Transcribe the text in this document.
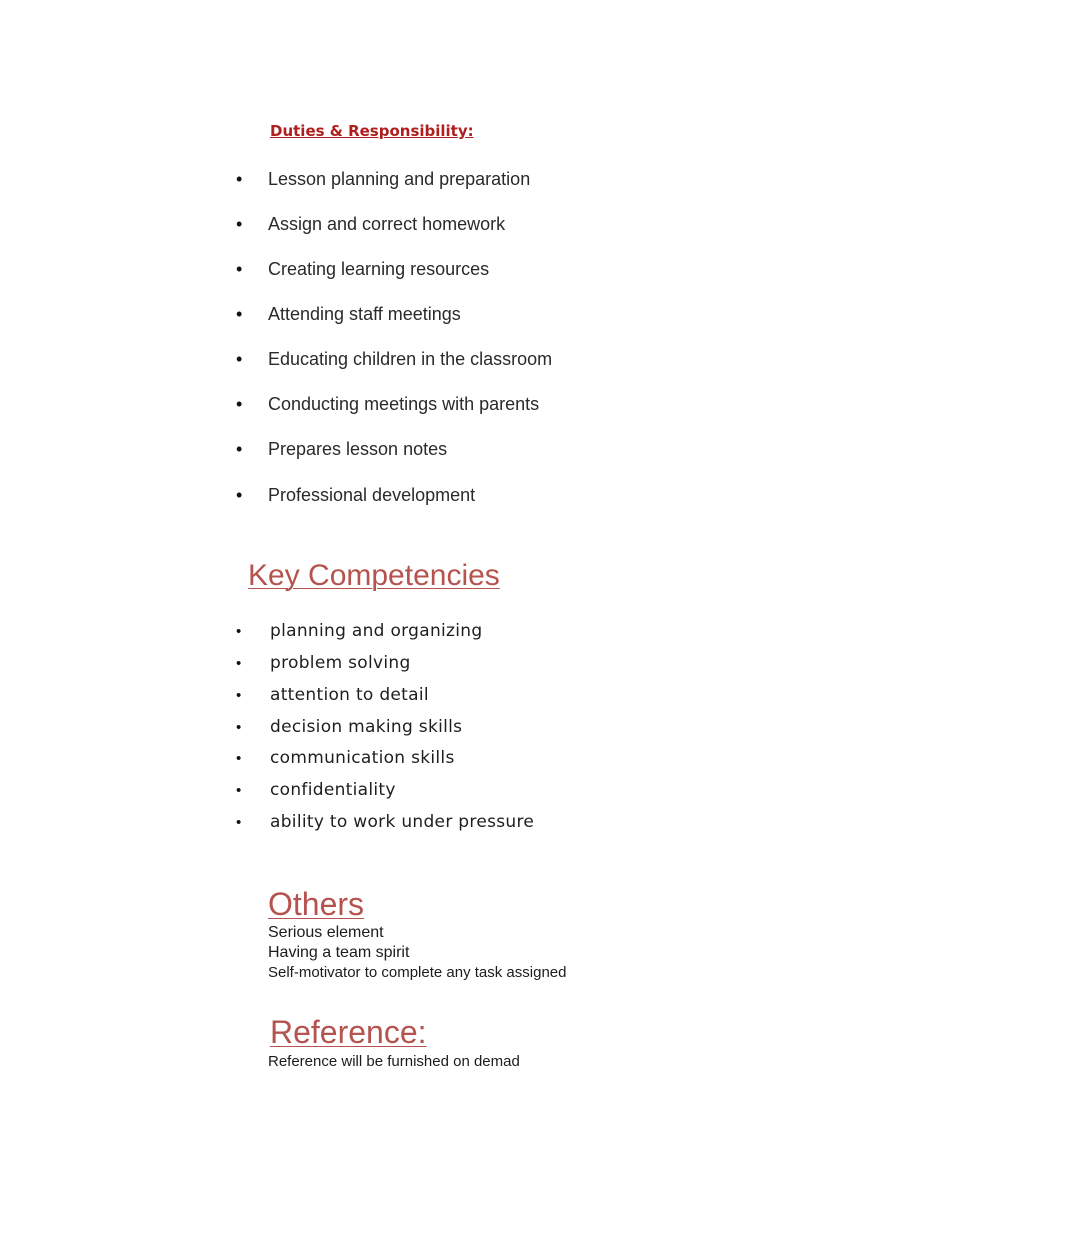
Duties & Responsibility:
•	Lesson planning and preparation
•	Assign and correct homework
•	Creating learning resources
•	Attending staff meetings
•	Educating children in the classroom
•	Conducting meetings with parents
•	Prepares lesson notes
•	Professional development
Key Competencies
•	planning and organizing
•	problem solving
•	attention to detail
•	decision making skills
•	communication skills
•	confidentiality
•	ability to work under pressure
Others
Serious element
Having a team spirit
Self-motivator to complete any task assigned
Reference:
Reference will be furnished on demad
